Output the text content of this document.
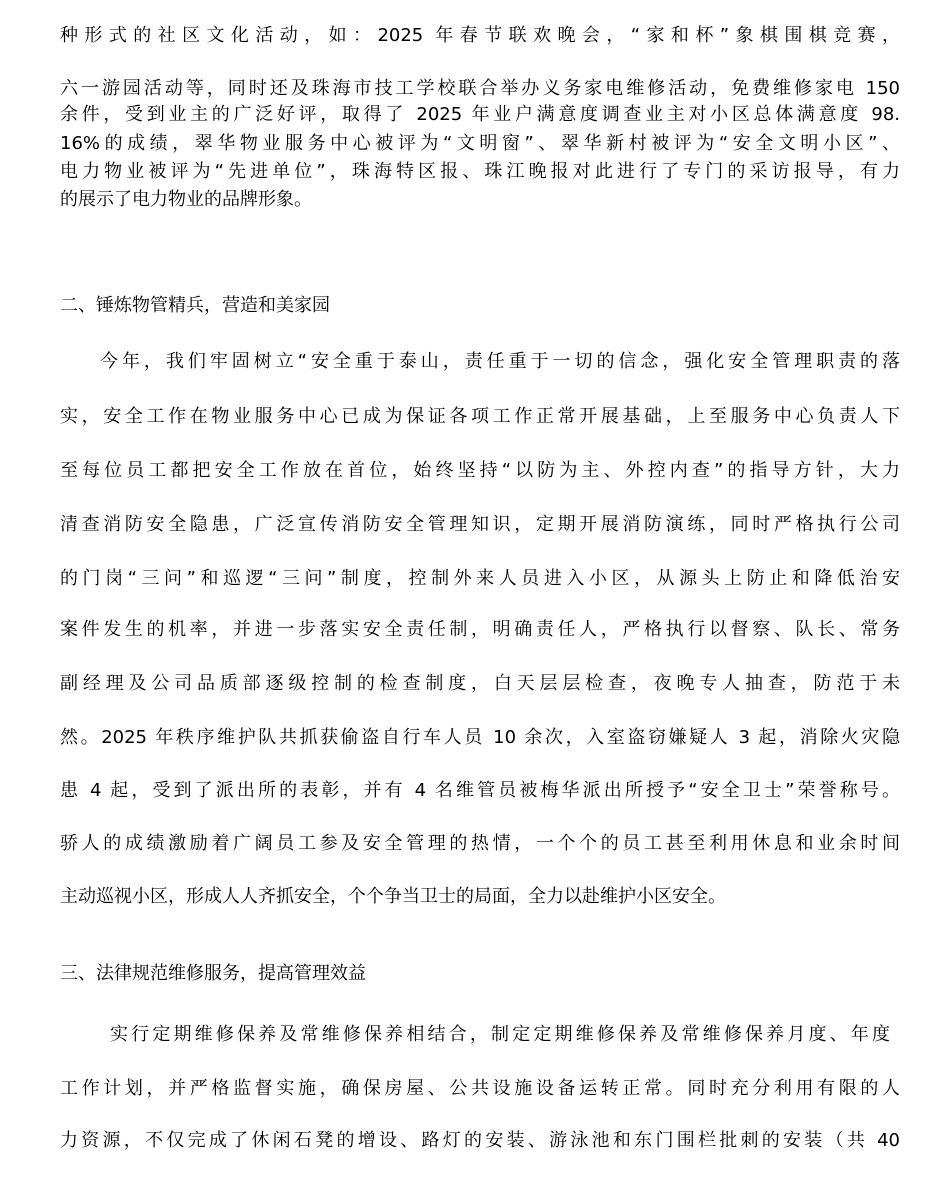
种形式的社区文化活动，如：2025 年春节联欢晚会，“家和杯”象棋围棋竞赛，
六一游园活动等，同时还及珠海市技工学校联合举办义务家电维修活动，免费维修家电 150
余件，受到业主的广泛好评，取得了 2025 年业户满意度调查业主对小区总体满意度 98.
16%的成绩，翠华物业服务中心被评为“文明窗”、翠华新村被评为“安全文明小区”、
电力物业被评为“先进单位”，珠海特区报、珠江晚报对此进行了专门的采访报导，有力
的展示了电力物业的品牌形象。
二、锤炼物管精兵，营造和美家园
今年，我们牢固树立“安全重于泰山，责任重于一切的信念，强化安全管理职责的落
实，安全工作在物业服务中心已成为保证各项工作正常开展基础，上至服务中心负责人下
至每位员工都把安全工作放在首位，始终坚持“以防为主、外控内查”的指导方针，大力
清查消防安全隐患，广泛宣传消防安全管理知识，定期开展消防演练，同时严格执行公司
的门岗“三问”和巡逻“三问”制度，控制外来人员进入小区，从源头上防止和降低治安
案件发生的机率，并进一步落实安全责任制，明确责任人，严格执行以督察、队长、常务
副经理及公司品质部逐级控制的检查制度，白天层层检查，夜晚专人抽查，防范于未
然。2025 年秩序维护队共抓获偷盗自行车人员 10 余次，入室盗窃嫌疑人 3 起，消除火灾隐
患 4 起，受到了派出所的表彰，并有 4 名维管员被梅华派出所授予“安全卫士”荣誉称号。
骄人的成绩激励着广阔员工参及安全管理的热情，一个个的员工甚至利用休息和业余时间
主动巡视小区，形成人人齐抓安全，个个争当卫士的局面，全力以赴维护小区安全。
三、法律规范维修服务，提高管理效益
实行定期维修保养及常维修保养相结合，制定定期维修保养及常维修保养月度、年度
工作计划，并严格监督实施，确保房屋、公共设施设备运转正常。同时充分利用有限的人
力资源，不仅完成了休闲石凳的增设、路灯的安装、游泳池和东门围栏批刺的安装（共 40
